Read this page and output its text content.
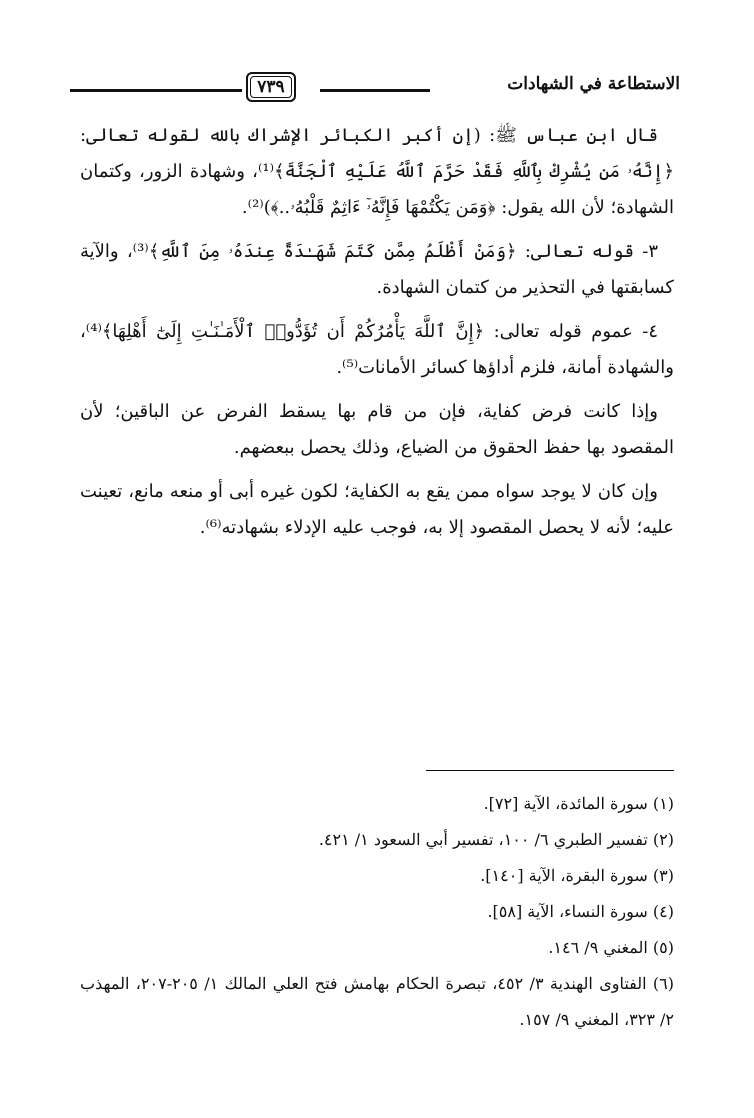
الاستطاعة في الشهادات
٧٣٩

قال ابن عباس ﷺ: (إن أكبر الكبائر الإشراك بالله لقوله تعالى: ﴿إِنَّهُۥ مَن يُشْرِكْ بِٱللَّهِ فَقَدْ حَرَّمَ ٱللَّهُ عَلَيْهِ ٱلْجَنَّةَ﴾⁽¹⁾، وشهادة الزور، وكتمان الشهادة؛ لأن الله يقول: ﴿وَمَن يَكْتُمْهَا فَإِنَّهُۥٓ ءَاثِمٌ قَلْبُهُۥ..﴾)⁽²⁾.

٣- قوله تعالى: ﴿وَمَنْ أَظْلَمُ مِمَّن كَتَمَ شَهَـٰدَةً عِندَهُۥ مِنَ ٱللَّهِ﴾⁽³⁾، والآية كسابقتها في التحذير من كتمان الشهادة.

٤- عموم قوله تعالى: ﴿إِنَّ ٱللَّهَ يَأْمُرُكُمْ أَن تُؤَدُّوا۟ ٱلْأَمَـٰنَـٰتِ إِلَىٰٓ أَهْلِهَا﴾⁽⁴⁾، والشهادة أمانة، فلزم أداؤها كسائر الأمانات⁽⁵⁾.

وإذا كانت فرض كفاية، فإن من قام بها يسقط الفرض عن الباقين؛ لأن المقصود بها حفظ الحقوق من الضياع، وذلك يحصل ببعضهم.

وإن كان لا يوجد سواه ممن يقع به الكفاية؛ لكون غيره أبى أو منعه مانع، تعينت عليه؛ لأنه لا يحصل المقصود إلا به، فوجب عليه الإدلاء بشهادته⁽⁶⁾.

(١) سورة المائدة، الآية [٧٢].

(٢) تفسير الطبري ٦/ ١٠٠، تفسير أبي السعود ١/ ٤٢١.

(٣) سورة البقرة، الآية [١٤٠].

(٤) سورة النساء، الآية [٥٨].

(٥) المغني ٩/ ١٤٦.

(٦) الفتاوى الهندية ٣/ ٤٥٢، تبصرة الحكام بهامش فتح العلي المالك ١/ ٢٠٥-٢٠٧، المهذب ٢/ ٣٢٣، المغني ٩/ ١٥٧.
